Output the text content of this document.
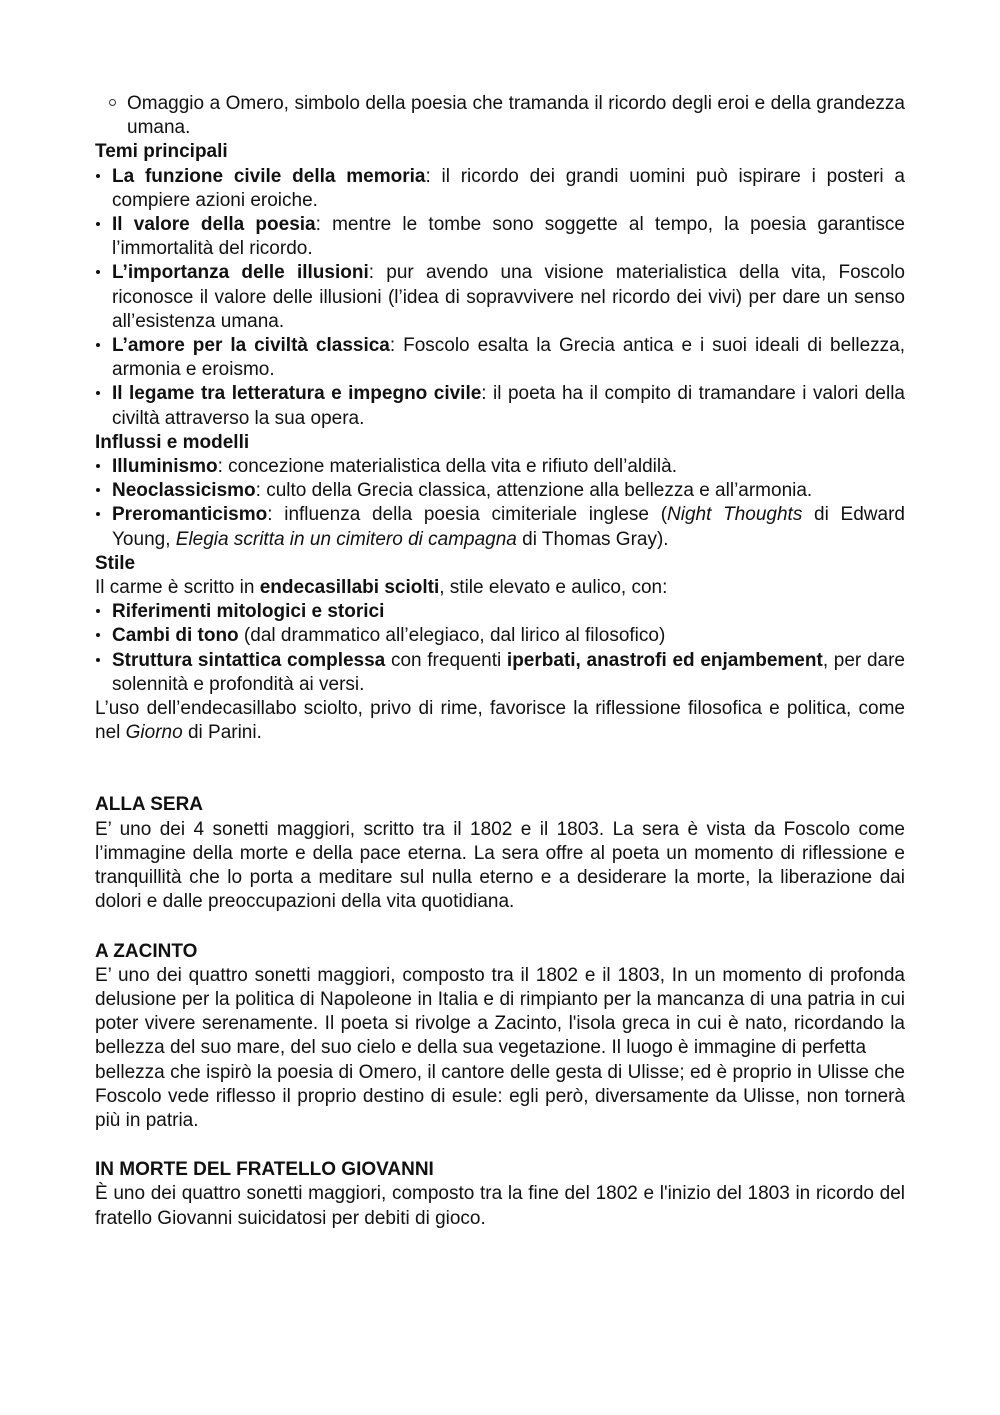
Omaggio a Omero, simbolo della poesia che tramanda il ricordo degli eroi e della grandezza umana.
Temi principali
La funzione civile della memoria: il ricordo dei grandi uomini può ispirare i posteri a compiere azioni eroiche.
Il valore della poesia: mentre le tombe sono soggette al tempo, la poesia garantisce l’immortalità del ricordo.
L’importanza delle illusioni: pur avendo una visione materialistica della vita, Foscolo riconosce il valore delle illusioni (l’idea di sopravvivere nel ricordo dei vivi) per dare un senso all’esistenza umana.
L’amore per la civiltà classica: Foscolo esalta la Grecia antica e i suoi ideali di bellezza, armonia e eroismo.
Il legame tra letteratura e impegno civile: il poeta ha il compito di tramandare i valori della civiltà attraverso la sua opera.
Influssi e modelli
Illuminismo: concezione materialistica della vita e rifiuto dell’aldilà.
Neoclassicismo: culto della Grecia classica, attenzione alla bellezza e all’armonia.
Preromanticismo: influenza della poesia cimiteriale inglese (Night Thoughts di Edward Young, Elegia scritta in un cimitero di campagna di Thomas Gray).
Stile
Il carme è scritto in endecasillabi sciolti, stile elevato e aulico, con:
Riferimenti mitologici e storici
Cambi di tono (dal drammatico all’elegiaco, dal lirico al filosofico)
Struttura sintattica complessa con frequenti iperbati, anastrofi ed enjambement, per dare solennità e profondità ai versi.
L’uso dell’endecasillabo sciolto, privo di rime, favorisce la riflessione filosofica e politica, come nel Giorno di Parini.
ALLA SERA
E’ uno dei 4 sonetti maggiori, scritto tra il 1802 e il 1803. La sera è vista da Foscolo come l’immagine della morte e della pace eterna. La sera offre al poeta un momento di riflessione e tranquillità che lo porta a meditare sul nulla eterno e a desiderare la morte, la liberazione dai dolori e dalle preoccupazioni della vita quotidiana.
A ZACINTO
E’ uno dei quattro sonetti maggiori, composto tra il 1802 e il 1803, In un momento di profonda delusione per la politica di Napoleone in Italia e di rimpianto per la mancanza di una patria in cui poter vivere serenamente. Il poeta si rivolge a Zacinto, l'isola greca in cui è nato, ricordando la bellezza del suo mare, del suo cielo e della sua vegetazione. Il luogo è immagine di perfetta
bellezza che ispirò la poesia di Omero, il cantore delle gesta di Ulisse; ed è proprio in Ulisse che Foscolo vede riflesso il proprio destino di esule: egli però, diversamente da Ulisse, non tornerà più in patria.
IN MORTE DEL FRATELLO GIOVANNI
È uno dei quattro sonetti maggiori, composto tra la fine del 1802 e l'inizio del 1803 in ricordo del fratello Giovanni suicidatosi per debiti di gioco.
